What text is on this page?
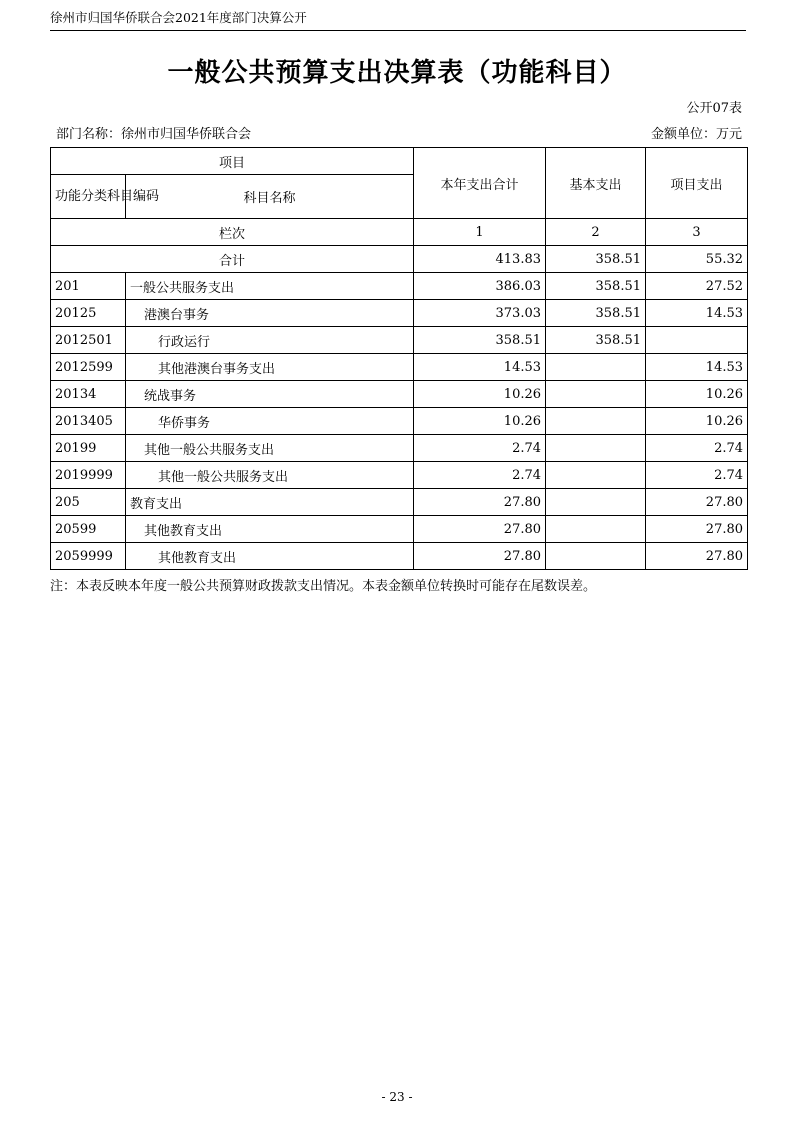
徐州市归国华侨联合会2021年度部门决算公开
一般公共预算支出决算表（功能科目）
公开07表
部门名称：徐州市归国华侨联合会	金额单位：万元
项目		本年支出合计	基本支出	项目支出
功能分类科目编码	科目名称			
栏次		1	2	3
合计		413.83	358.51	55.32
201	一般公共服务支出	386.03	358.51	27.52
20125	港澳台事务	373.03	358.51	14.53
2012501	行政运行	358.51	358.51	
2012599	其他港澳台事务支出	14.53		14.53
20134	统战事务	10.26		10.26
2013405	华侨事务	10.26		10.26
20199	其他一般公共服务支出	2.74		2.74
2019999	其他一般公共服务支出	2.74		2.74
205	教育支出	27.80		27.80
20599	其他教育支出	27.80		27.80
2059999	其他教育支出	27.80		27.80
注：本表反映本年度一般公共预算财政拨款支出情况。本表金额单位转换时可能存在尾数误差。
- 23 -
